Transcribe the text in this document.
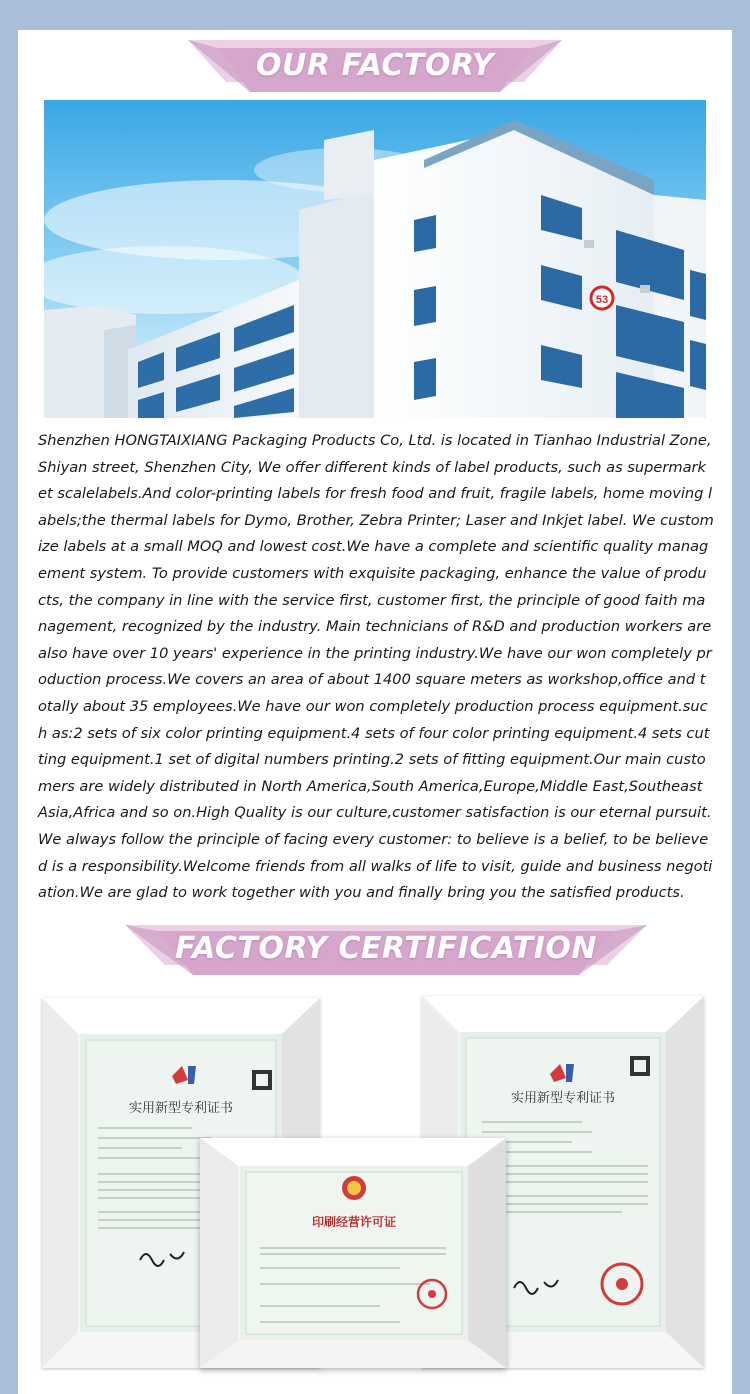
OUR FACTORY
53

Shenzhen HONGTAIXIANG Packaging Products Co, Ltd. is located in Tianhao Industrial Zone, Shiyan street, Shenzhen City, We offer different kinds of label products, such as supermarket scalelabels.And color-printing labels for fresh food and fruit, fragile labels, home moving labels;the thermal labels for Dymo, Brother, Zebra Printer; Laser and Inkjet label. We customize labels at a small MOQ and lowest cost.We have a complete and scientific quality management system. To provide customers with exquisite packaging, enhance the value of products, the company in line with the service first, customer first, the principle of good faith management, recognized by the industry. Main technicians of R&D and production workers are also have over 10 years' experience in the printing industry.We have our won completely production process.We covers an area of about 1400 square meters as workshop,office and totally about 35 employees.We have our won completely production process equipment.such as:2 sets of six color printing equipment.4 sets of four color printing equipment.4 sets cutting equipment.1 set of digital numbers printing.2 sets of fitting equipment.Our main customers are widely distributed in North America,South America,Europe,Middle East,Southeast Asia,Africa and so on.High Quality is our culture,customer satisfaction is our eternal pursuit.We always follow the principle of facing every customer: to believe is a belief, to be believed is a responsibility.Welcome friends from all walks of life to visit, guide and business negotiation.We are glad to work together with you and finally bring you the satisfied products.

FACTORY CERTIFICATION
实用新型专利证书
实用新型专利证书
印刷经营许可证
